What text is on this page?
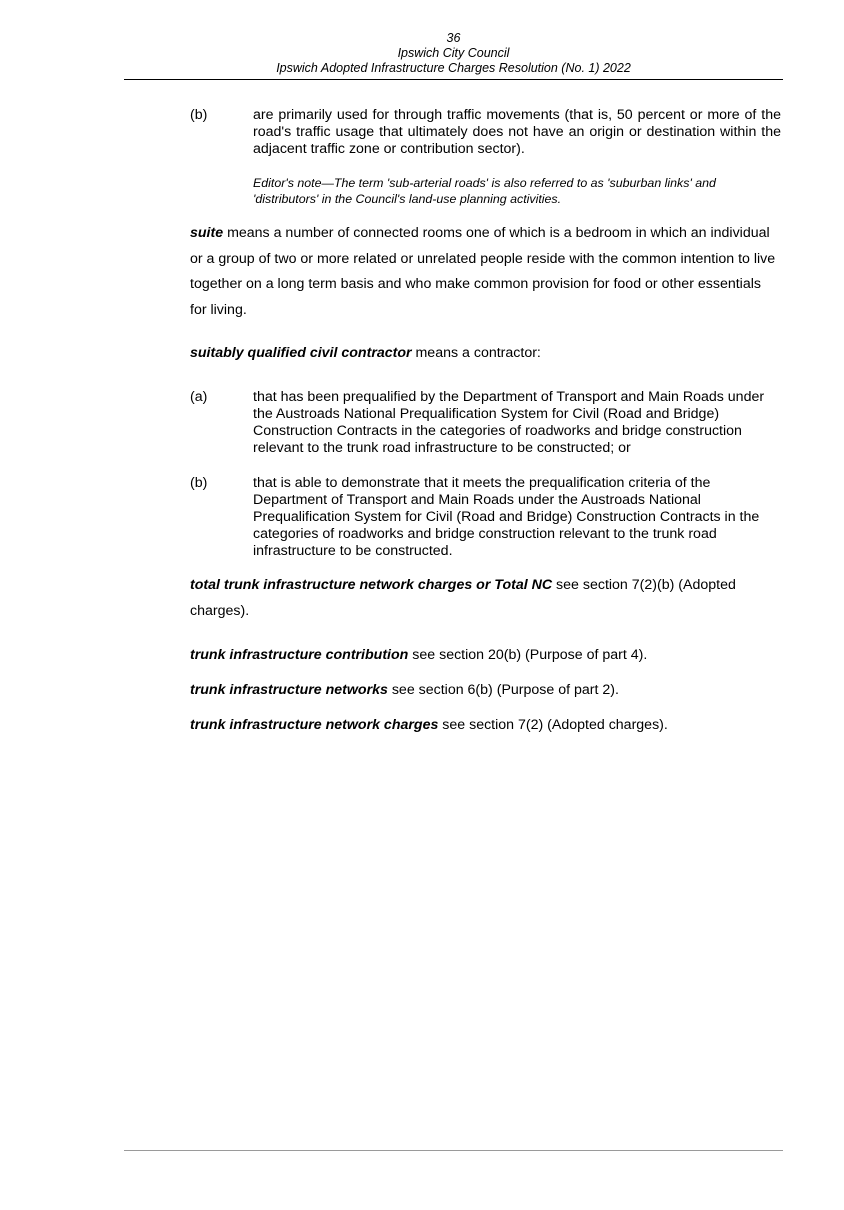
36
Ipswich City Council
Ipswich Adopted Infrastructure Charges Resolution (No. 1) 2022
(b)	are primarily used for through traffic movements (that is, 50 percent or more of the road's traffic usage that ultimately does not have an origin or destination within the adjacent traffic zone or contribution sector).
Editor's note—The term 'sub-arterial roads' is also referred to as 'suburban links' and 'distributors' in the Council's land-use planning activities.
suite means a number of connected rooms one of which is a bedroom in which an individual or a group of two or more related or unrelated people reside with the common intention to live together on a long term basis and who make common provision for food or other essentials for living.
suitably qualified civil contractor means a contractor:
(a)	that has been prequalified by the Department of Transport and Main Roads under the Austroads National Prequalification System for Civil (Road and Bridge) Construction Contracts in the categories of roadworks and bridge construction relevant to the trunk road infrastructure to be constructed; or
(b)	that is able to demonstrate that it meets the prequalification criteria of the Department of Transport and Main Roads under the Austroads National Prequalification System for Civil (Road and Bridge) Construction Contracts in the categories of roadworks and bridge construction relevant to the trunk road infrastructure to be constructed.
total trunk infrastructure network charges or Total NC see section 7(2)(b) (Adopted charges).
trunk infrastructure contribution see section 20(b) (Purpose of part 4).
trunk infrastructure networks see section 6(b) (Purpose of part 2).
trunk infrastructure network charges see section 7(2) (Adopted charges).
